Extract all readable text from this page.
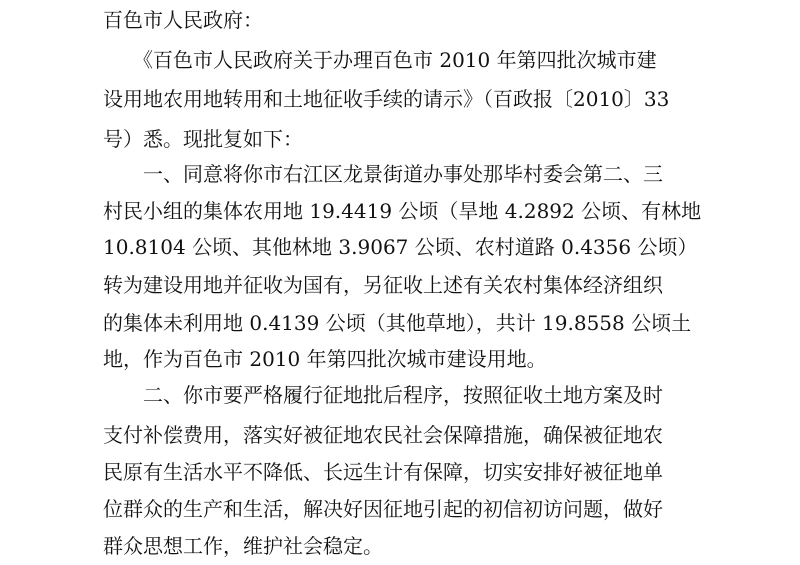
百色市人民政府：
　　《百色市人民政府关于办理百色市 2010 年第四批次城市建
设用地农用地转用和土地征收手续的请示》（百政报〔2010〕33
号）悉。现批复如下：
　　一、同意将你市右江区龙景街道办事处那毕村委会第二、三
村民小组的集体农用地 19.4419 公顷（旱地 4.2892 公顷、有林地
10.8104 公顷、其他林地 3.9067 公顷、农村道路 0.4356 公顷）
转为建设用地并征收为国有，另征收上述有关农村集体经济组织
的集体未利用地 0.4139 公顷（其他草地），共计 19.8558 公顷土
地，作为百色市 2010 年第四批次城市建设用地。
　　二、你市要严格履行征地批后程序，按照征收土地方案及时
支付补偿费用，落实好被征地农民社会保障措施，确保被征地农
民原有生活水平不降低、长远生计有保障，切实安排好被征地单
位群众的生产和生活，解决好因征地引起的初信初访问题，做好
群众思想工作，维护社会稳定。
